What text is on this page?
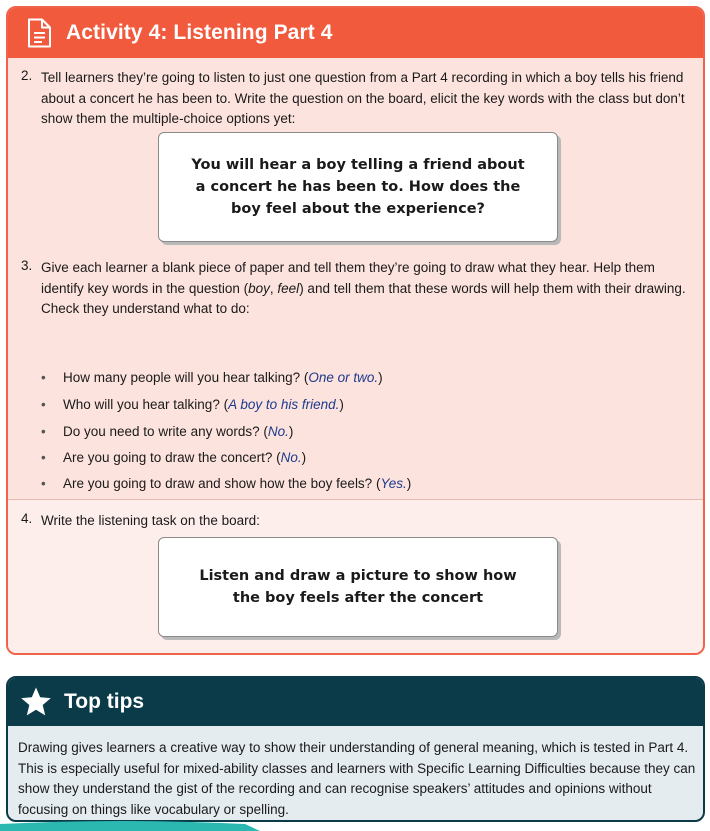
Activity 4: Listening Part 4
2. Tell learners they’re going to listen to just one question from a Part 4 recording in which a boy tells his friend about a concert he has been to. Write the question on the board, elicit the key words with the class but don’t show them the multiple-choice options yet:

You will hear a boy telling a friend about
a concert he has been to. How does the
boy feel about the experience?
3. Give each learner a blank piece of paper and tell them they’re going to draw what they hear. Help them identify key words in the question (boy, feel) and tell them that these words will help them with their drawing. Check they understand what to do:

• How many people will you hear talking? (One or two.)
• Who will you hear talking? (A boy to his friend.)
• Do you need to write any words? (No.)
• Are you going to draw the concert? (No.)
• Are you going to draw and show how the boy feels? (Yes.)
4. Write the listening task on the board:

Listen and draw a picture to show how
the boy feels after the concert
Top tips

Drawing gives learners a creative way to show their understanding of general meaning, which is tested in Part 4. This is especially useful for mixed-ability classes and learners with Specific Learning Difficulties because they can show they understand the gist of the recording and can recognise speakers’ attitudes and opinions without focusing on things like vocabulary or spelling.
